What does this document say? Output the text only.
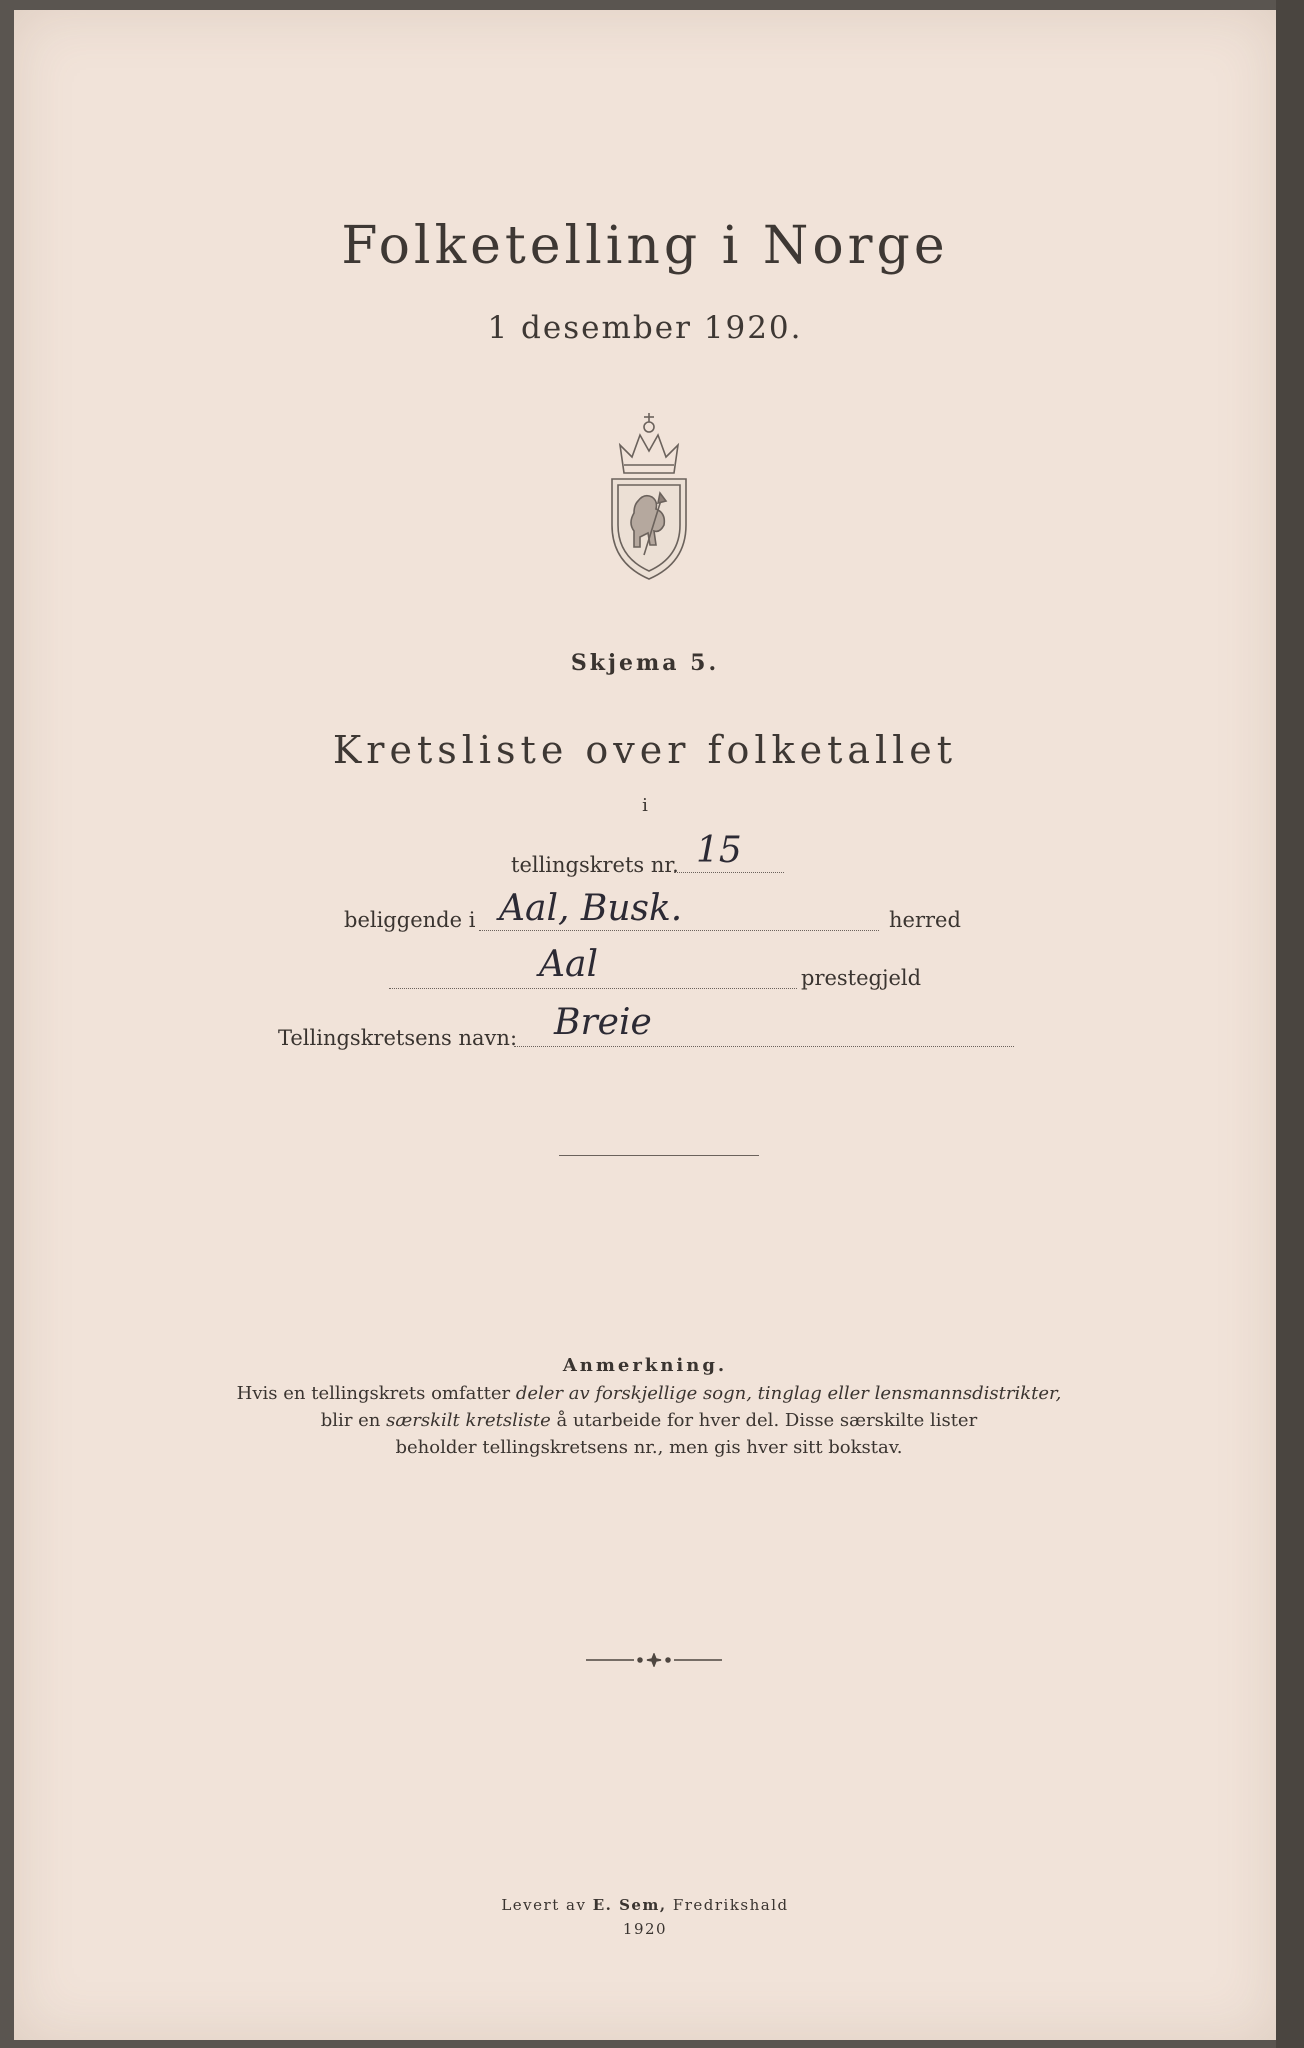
Folketelling i Norge
1 desember 1920.
Skjema 5.
Kretsliste over folketallet
i
tellingskrets nr. 15
beliggende i Aal, Busk.	herred
Aal	prestegjeld
Tellingskretsens navn: Breie
Anmerkning.
Hvis en tellingskrets omfatter deler av forskjellige sogn, tinglag eller lensmannsdistrikter,
blir en særskilt kretsliste å utarbeide for hver del. Disse særskilte lister
beholder tellingskretsens nr., men gis hver sitt bokstav.
Levert av E. Sem, Fredrikshald
1920
